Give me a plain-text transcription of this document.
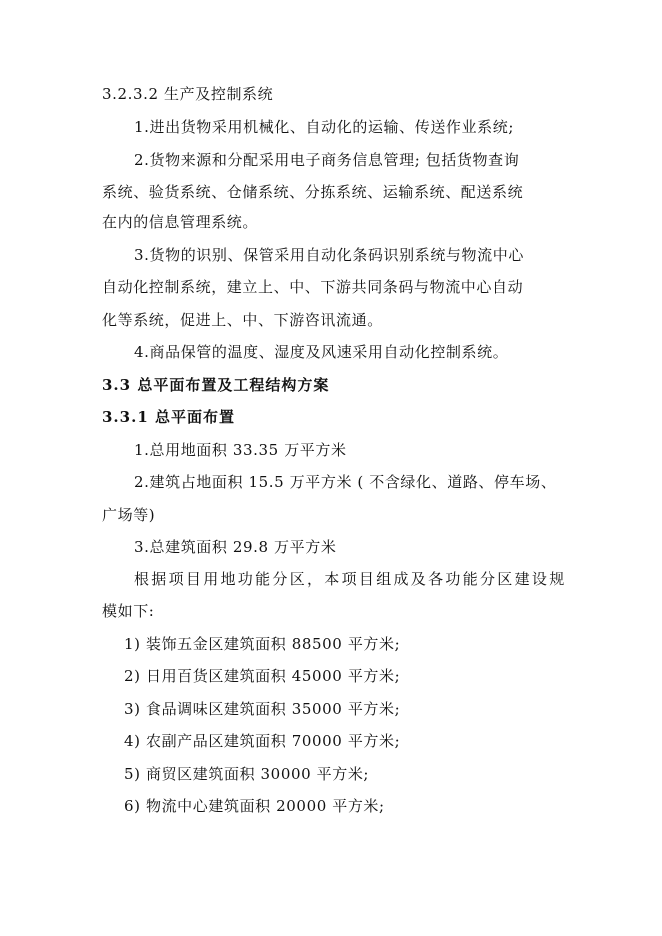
3.2.3.2 生产及控制系统
1.进出货物采用机械化、自动化的运输、传送作业系统;
2.货物来源和分配采用电子商务信息管理; 包括货物查询
系统、验货系统、仓储系统、分拣系统、运输系统、配送系统
在内的信息管理系统。
3.货物的识别、保管采用自动化条码识别系统与物流中心
自动化控制系统，建立上、中、下游共同条码与物流中心自动
化等系统，促进上、中、下游咨讯流通。
4.商品保管的温度、湿度及风速采用自动化控制系统。
3.3 总平面布置及工程结构方案
3.3.1 总平面布置
1.总用地面积 33.35 万平方米
2.建筑占地面积 15.5 万平方米 ( 不含绿化、道路、停车场、
广场等)
3.总建筑面积 29.8 万平方米
根据项目用地功能分区，本项目组成及各功能分区建设规
模如下:
1) 装饰五金区建筑面积 88500 平方米;
2) 日用百货区建筑面积 45000 平方米;
3) 食品调味区建筑面积 35000 平方米;
4) 农副产品区建筑面积 70000 平方米;
5) 商贸区建筑面积 30000 平方米;
6) 物流中心建筑面积 20000 平方米;
